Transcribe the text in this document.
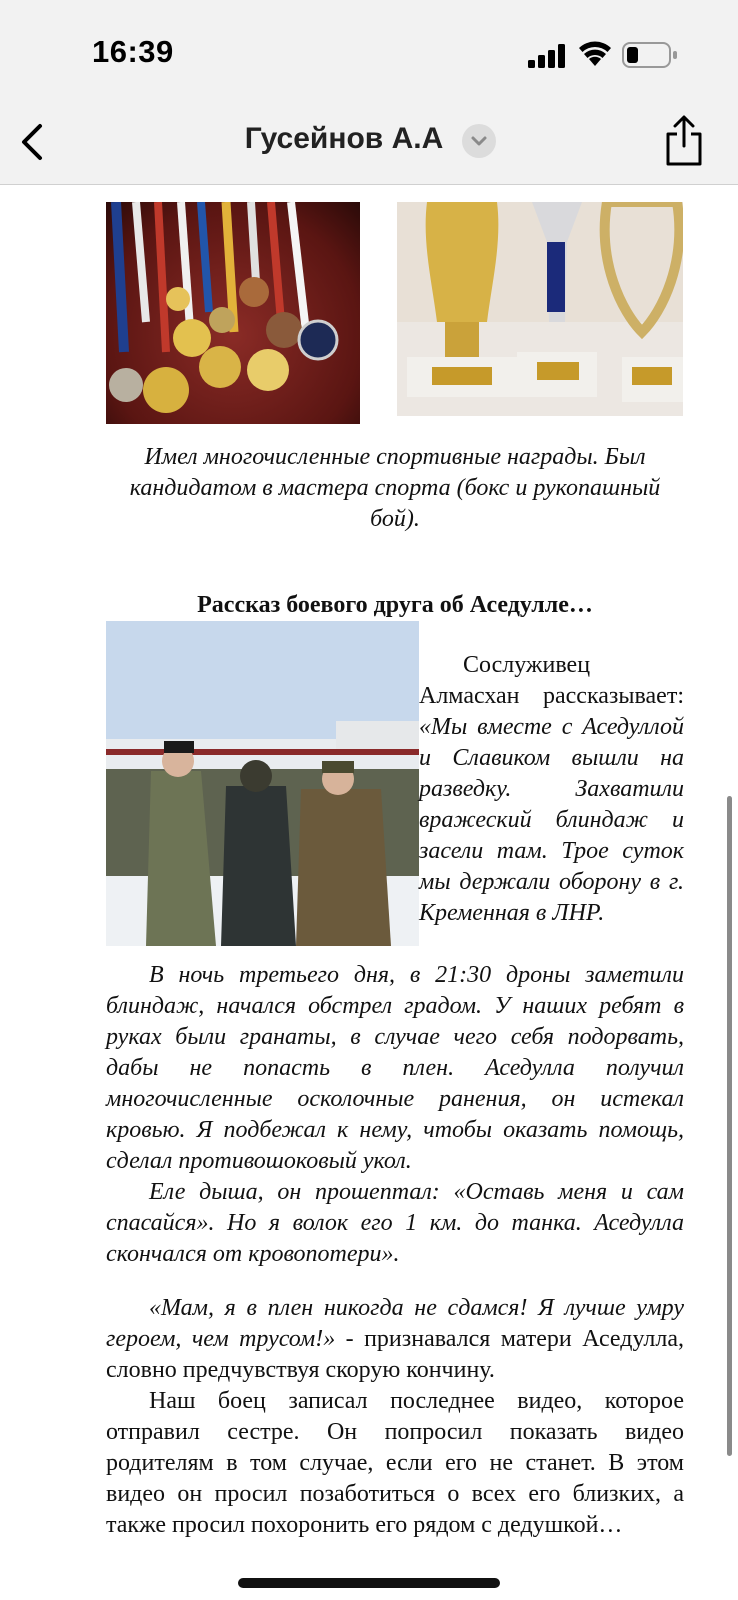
16:39
Гусейнов А.А
Имел многочисленные спортивные награды. Был кандидатом в мастера спорта (бокс и рукопашный бой).
Рассказ боевого друга об Аседулле…

Сослуживец Алмасхан рассказывает: «Мы вместе с Аседуллой и Славиком вышли на разведку. Захватили вражеский блиндаж и засели там. Трое суток мы держали оборону в г. Кременная в ЛНР.

В ночь третьего дня, в 21:30 дроны заметили блиндаж, начался обстрел градом. У наших ребят в руках были гранаты, в случае чего себя подорвать, дабы не попасть в плен. Аседулла получил многочисленные осколочные ранения, он истекал кровью. Я подбежал к нему, чтобы оказать помощь, сделал противошоковый укол.

Еле дыша, он прошептал: «Оставь меня и сам спасайся». Но я волок его 1 км. до танка. Аседулла скончался от кровопотери».

«Мам, я в плен никогда не сдамся! Я лучше умру героем, чем трусом!» - признавался матери Аседулла, словно предчувствуя скорую кончину.

Наш боец записал последнее видео, которое отправил сестре. Он попросил показать видео родителям в том случае, если его не станет. В этом видео он просил позаботиться о всех его близких, а также просил похоронить его рядом с дедушкой…
